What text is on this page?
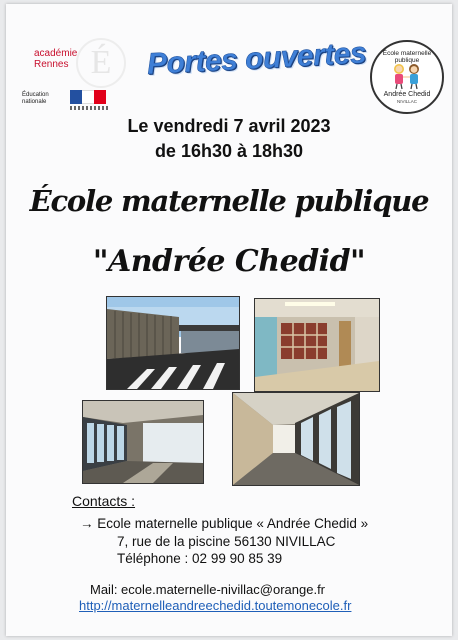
É
académie
Rennes
Éducation
nationale
Portes ouvertes	École maternelle publique
Andrée Chedid
NIVILLAC
Le vendredi 7 avril 2023
de 16h30 à 18h30
École maternelle publique
"Andrée Chedid"
Contacts :
→ Ecole maternelle publique « Andrée Chedid »
7, rue de la piscine 56130 NIVILLAC
Téléphone : 02 99 90 85 39
Mail: ecole.maternelle-nivillac@orange.fr
http://maternelleandreechedid.toutemonecole.fr
